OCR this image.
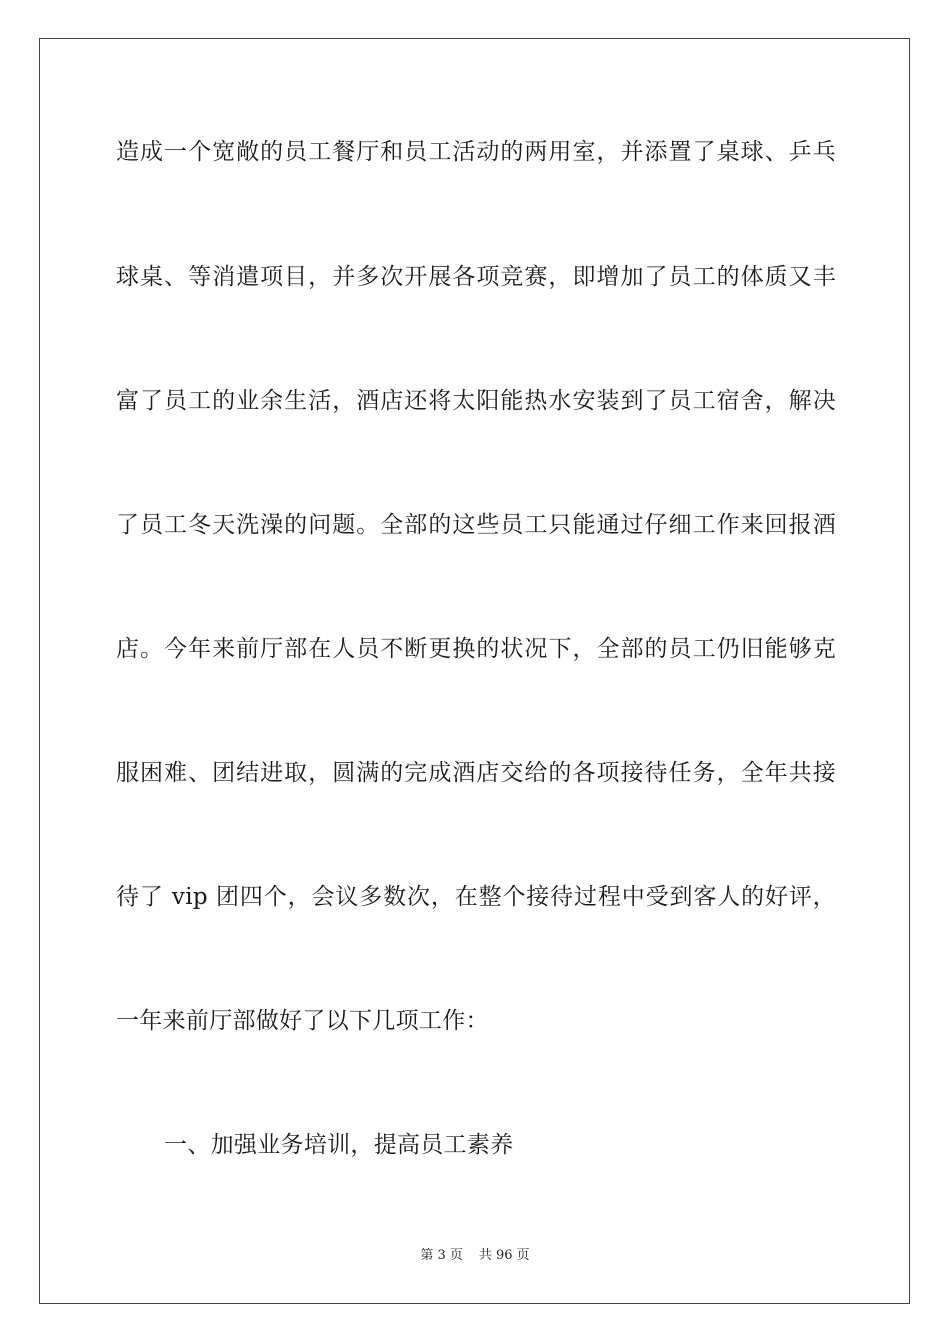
造成一个宽敞的员工餐厅和员工活动的两用室，并添置了桌球、乒乓
球桌、等消遣项目，并多次开展各项竞赛，即增加了员工的体质又丰
富了员工的业余生活，酒店还将太阳能热水安装到了员工宿舍，解决
了员工冬天洗澡的问题。全部的这些员工只能通过仔细工作来回报酒
店。今年来前厅部在人员不断更换的状况下，全部的员工仍旧能够克
服困难、团结进取，圆满的完成酒店交给的各项接待任务，全年共接
待了 vip 团四个，会议多数次，在整个接待过程中受到客人的好评，
一年来前厅部做好了以下几项工作：
一、加强业务培训，提高员工素养
第 3 页 共 96 页
